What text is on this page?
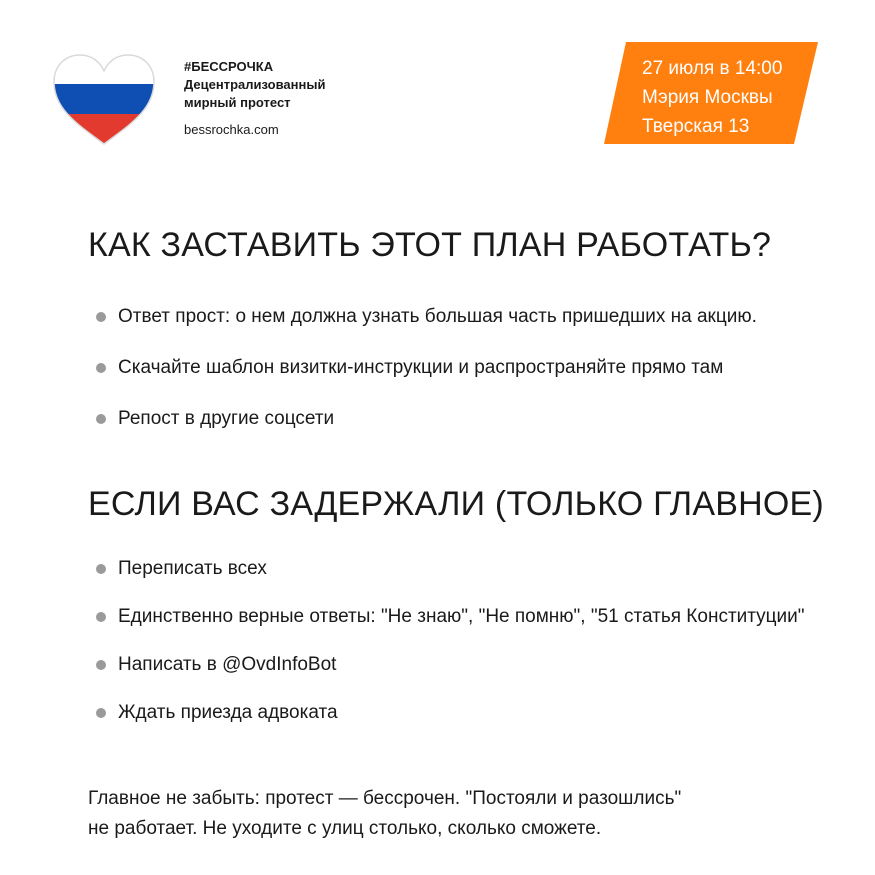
#БЕССРОЧКА
Децентрализованный
мирный протест
bessrochka.com
27 июля в 14:00
Мэрия Москвы
Тверская 13
КАК ЗАСТАВИТЬ ЭТОТ ПЛАН РАБОТАТЬ?
Ответ прост: о нем должна узнать большая часть пришедших на акцию.
Скачайте шаблон визитки-инструкции и распространяйте прямо там
Репост в другие соцсети
ЕСЛИ ВАС ЗАДЕРЖАЛИ (ТОЛЬКО ГЛАВНОЕ)
Переписать всех
Единственно верные ответы: "Не знаю", "Не помню", "51 статья Конституции"
Написать в @OvdInfoBot
Ждать приезда адвоката
Главное не забыть: протест — бессрочен. "Постояли и разошлись"
не работает. Не уходите с улиц столько, сколько сможете.
